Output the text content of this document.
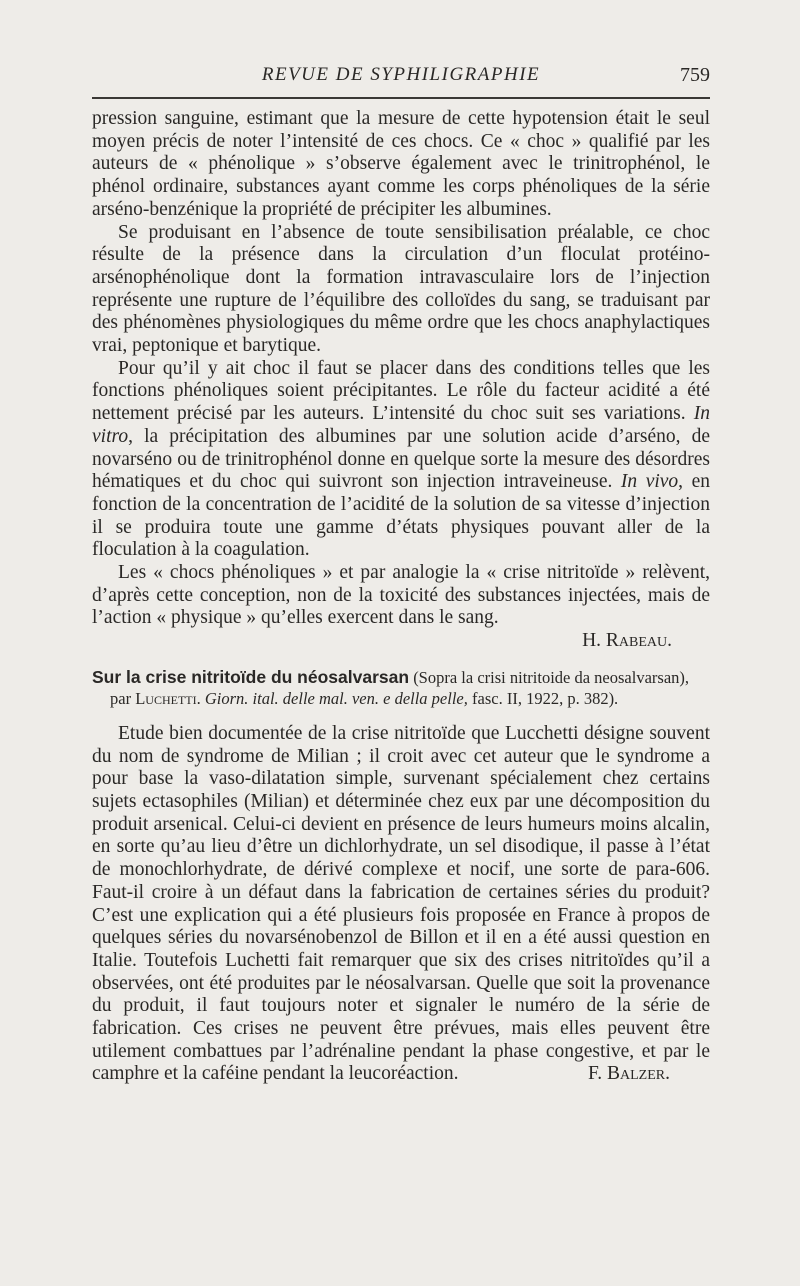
REVUE DE SYPHILIGRAPHIE	759

pression sanguine, estimant que la mesure de cette hypotension était le seul moyen précis de noter l’intensité de ces chocs. Ce « choc » qualifié par les auteurs de « phénolique » s’observe également avec le trinitrophénol, le phénol ordinaire, substances ayant comme les corps phénoliques de la série arséno-benzénique la propriété de précipiter les albumines.

Se produisant en l’absence de toute sensibilisation préalable, ce choc résulte de la présence dans la circulation d’un floculat protéino-arsénophénolique dont la formation intravasculaire lors de l’injection représente une rupture de l’équilibre des colloïdes du sang, se traduisant par des phénomènes physiologiques du même ordre que les chocs anaphylactiques vrai, peptonique et barytique.

Pour qu’il y ait choc il faut se placer dans des conditions telles que les fonctions phénoliques soient précipitantes. Le rôle du facteur acidité a été nettement précisé par les auteurs. L’intensité du choc suit ses variations. In vitro, la précipitation des albumines par une solution acide d’arséno, de novarséno ou de trinitrophénol donne en quelque sorte la mesure des désordres hématiques et du choc qui suivront son injection intraveineuse. In vivo, en fonction de la concentration de l’acidité de la solution de sa vitesse d’injection il se produira toute une gamme d’états physiques pouvant aller de la floculation à la coagulation.

Les « chocs phénoliques » et par analogie la « crise nitritoïde » relèvent, d’après cette conception, non de la toxicité des substances injectées, mais de l’action « physique » qu’elles exercent dans le sang.

H. Rabeau.
Sur la crise nitritoïde du néosalvarsan (Sopra la crisi nitritoide da neosalvarsan), par Luchetti. Giorn. ital. delle mal. ven. e della pelle, fasc. II, 1922, p. 382).

Etude bien documentée de la crise nitritoïde que Lucchetti désigne souvent du nom de syndrome de Milian ; il croit avec cet auteur que le syndrome a pour base la vaso-dilatation simple, survenant spécialement chez certains sujets ectasophiles (Milian) et déterminée chez eux par une décomposition du produit arsenical. Celui-ci devient en présence de leurs humeurs moins alcalin, en sorte qu’au lieu d’être un dichlorhydrate, un sel disodique, il passe à l’état de monochlorhydrate, de dérivé complexe et nocif, une sorte de para-606. Faut-il croire à un défaut dans la fabrication de certaines séries du produit? C’est une explication qui a été plusieurs fois proposée en France à propos de quelques séries du novarsénobenzol de Billon et il en a été aussi question en Italie. Toutefois Luchetti fait remarquer que six des crises nitritoïdes qu’il a observées, ont été produites par le néosalvarsan. Quelle que soit la provenance du produit, il faut toujours noter et signaler le numéro de la série de fabrication. Ces crises ne peuvent être prévues, mais elles peuvent être utilement combattues par l’adrénaline pendant la phase congestive, et par le camphre et la caféine pendant la leucoréaction.	F. Balzer.
